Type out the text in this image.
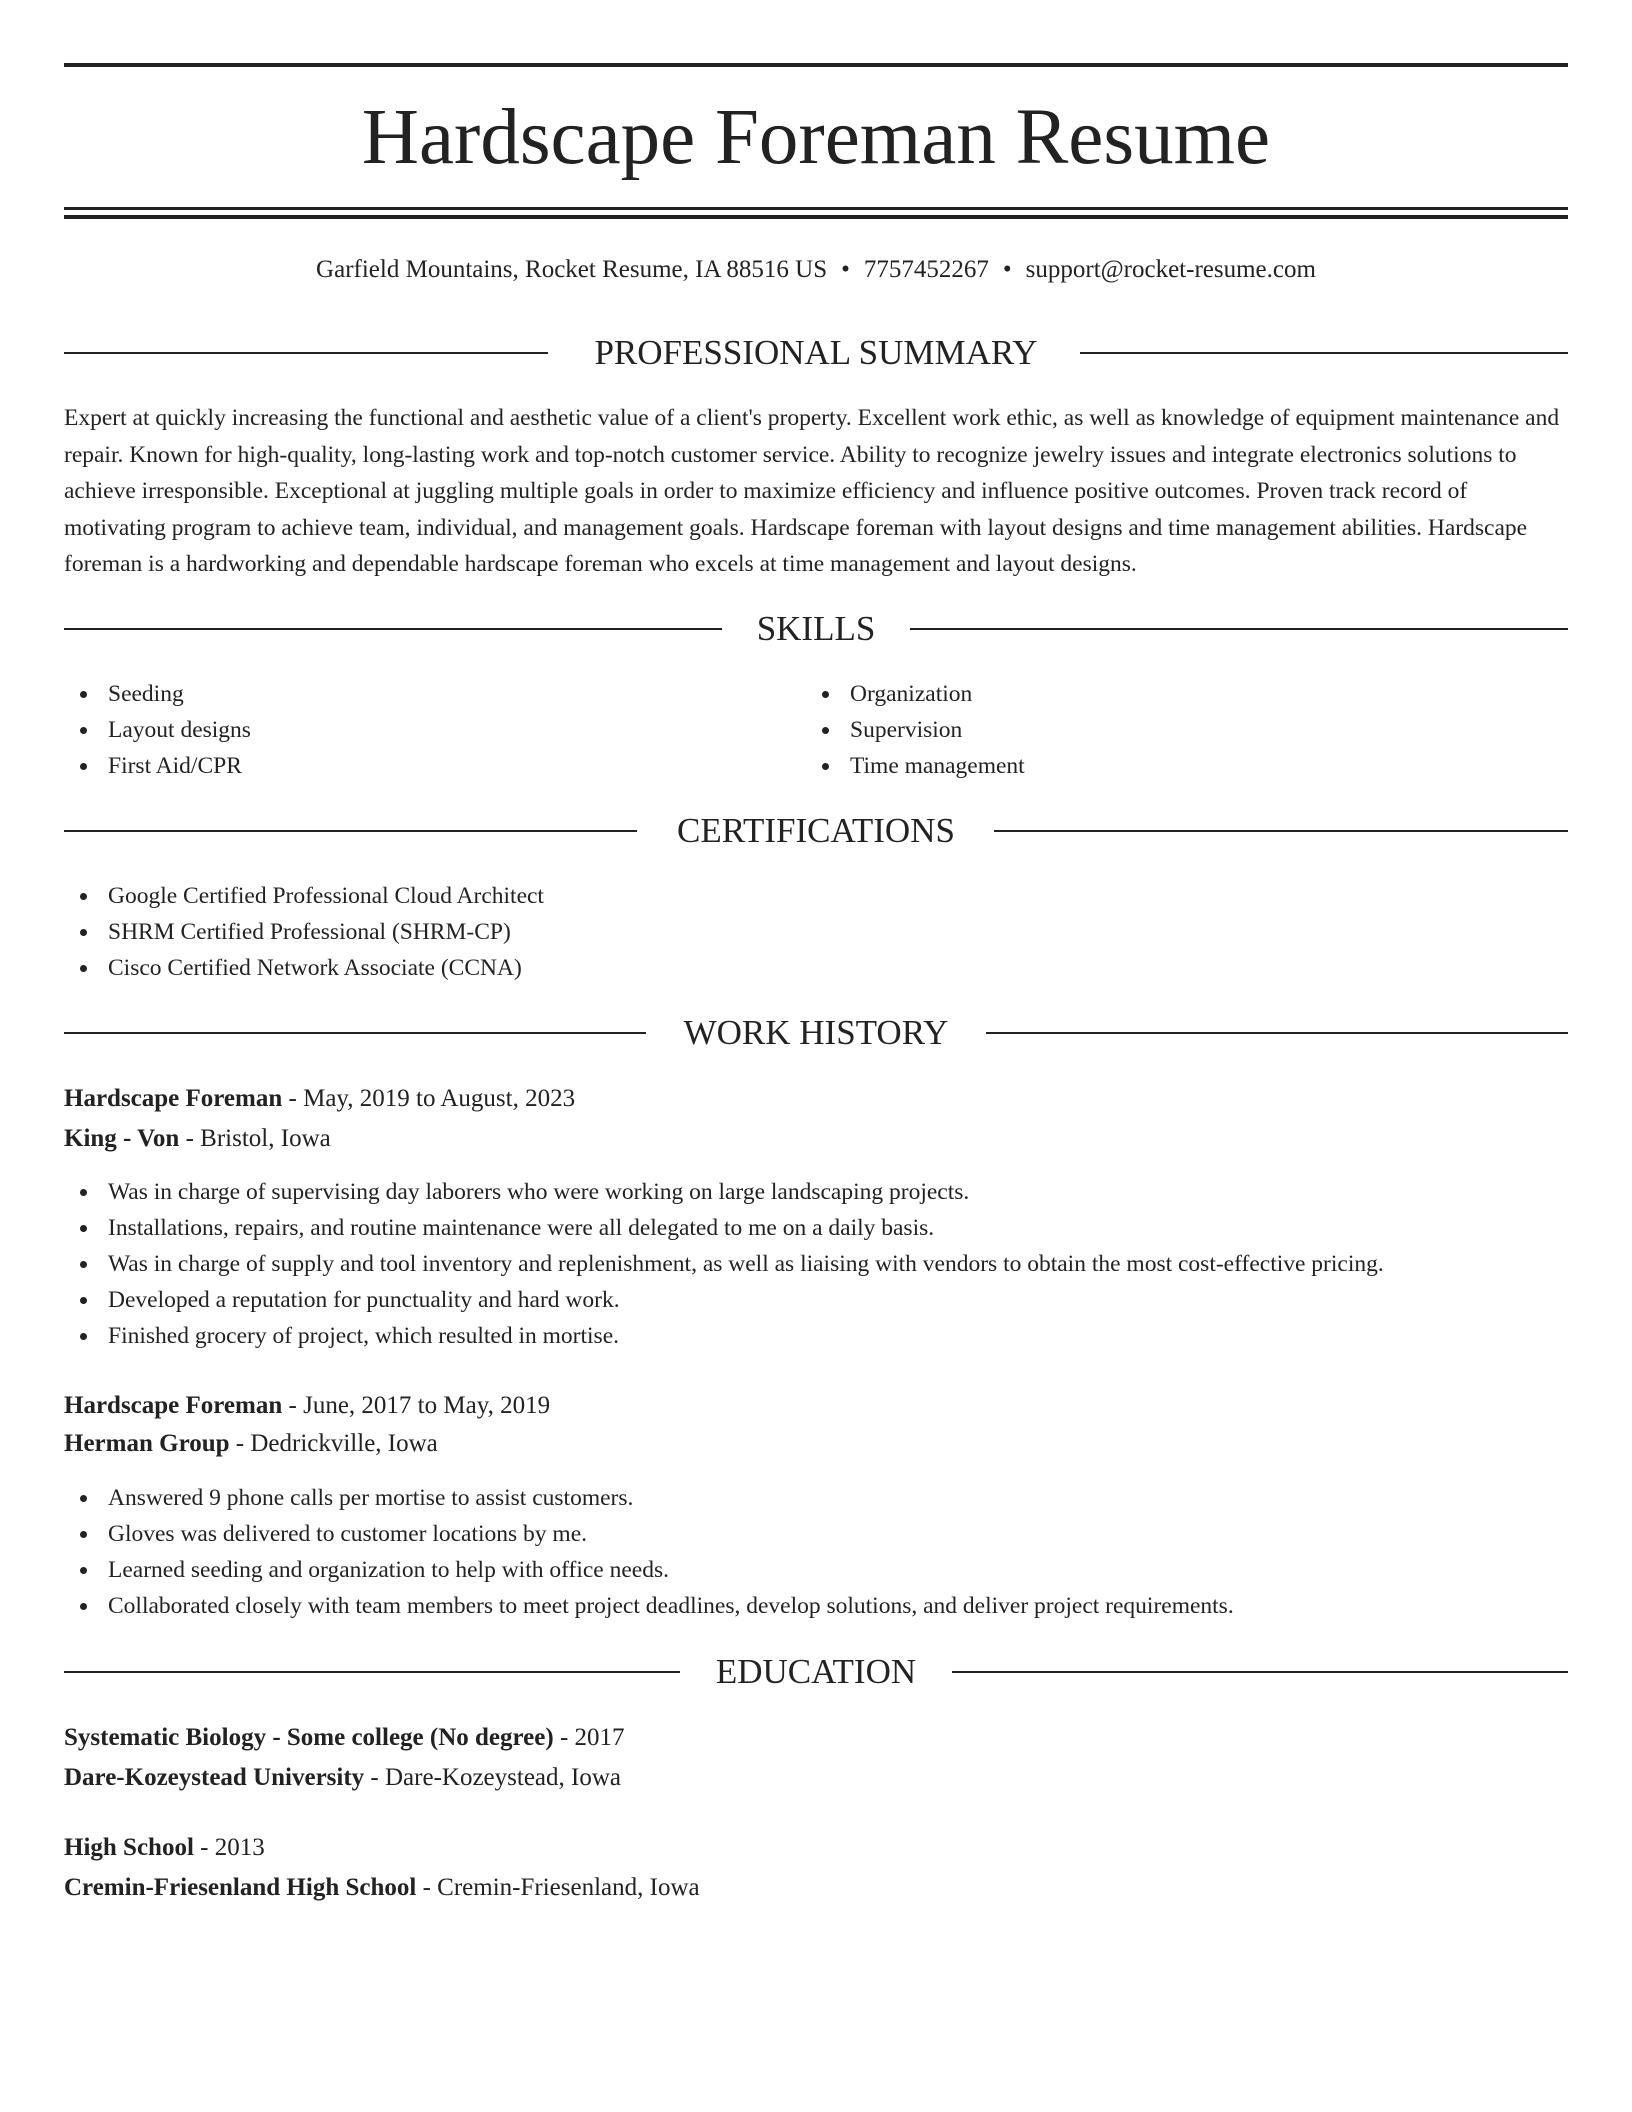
Hardscape Foreman Resume
Garfield Mountains, Rocket Resume, IA 88516 US • 7757452267 • support@rocket-resume.com
PROFESSIONAL SUMMARY

Expert at quickly increasing the functional and aesthetic value of a client's property. Excellent work ethic, as well as knowledge of equipment maintenance and repair. Known for high-quality, long-lasting work and top-notch customer service. Ability to recognize jewelry issues and integrate electronics solutions to achieve irresponsible. Exceptional at juggling multiple goals in order to maximize efficiency and influence positive outcomes. Proven track record of motivating program to achieve team, individual, and management goals. Hardscape foreman with layout designs and time management abilities. Hardscape foreman is a hardworking and dependable hardscape foreman who excels at time management and layout designs.

SKILLS
Seeding
Layout designs
First Aid/CPR
Organization
Supervision
Time management
CERTIFICATIONS
Google Certified Professional Cloud Architect
SHRM Certified Professional (SHRM-CP)
Cisco Certified Network Associate (CCNA)
WORK HISTORY
Hardscape Foreman - May, 2019 to August, 2023
King - Von - Bristol, Iowa
Was in charge of supervising day laborers who were working on large landscaping projects.
Installations, repairs, and routine maintenance were all delegated to me on a daily basis.
Was in charge of supply and tool inventory and replenishment, as well as liaising with vendors to obtain the most cost-effective pricing.
Developed a reputation for punctuality and hard work.
Finished grocery of project, which resulted in mortise.
Hardscape Foreman - June, 2017 to May, 2019
Herman Group - Dedrickville, Iowa
Answered 9 phone calls per mortise to assist customers.
Gloves was delivered to customer locations by me.
Learned seeding and organization to help with office needs.
Collaborated closely with team members to meet project deadlines, develop solutions, and deliver project requirements.
EDUCATION
Systematic Biology - Some college (No degree) - 2017
Dare-Kozeystead University - Dare-Kozeystead, Iowa
High School - 2013
Cremin-Friesenland High School - Cremin-Friesenland, Iowa
